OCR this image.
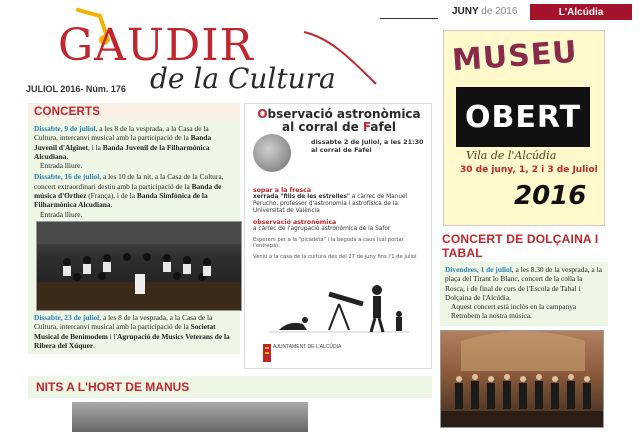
GAUDIR
de la Cultura
JULIOL 2016- Núm. 176
JUNY de 2016	L'Alcúdia
CONCERTS

Dissabte, 9 de juliol, a les 8 de la vesprada, a la Casa de la Cultura, intercanvi musical amb la participació de la Banda Juvenil d'Alginet, i la Banda Juvenil de la Filharmònica Alcudiana.
Entrada lliure.

Dissabte, 16 de juliol, a les 10 de la nit, a la Casa de la Cultura, concert extraordinari destiu amb la participació de la Banda de música d'Orthez (França), i de la Banda Simfònica de la Filharmònica Alcudiana.
Entrada lliure.

Dissabte, 23 de juliol, a les 8 de la vesprada, a la Casa de la Cultura, intercanvi musical amb la participació de la Societat Musical de Benimodem i l'Agrupació de Musics Veterans de la Ribera del Xúquer.

Observació astronòmica
al corral de Fafel
dissabte 2 de juliol, a les 21:30 al corral de Fafel
sopar a la fresca
xerrada "fills de les estrelles" a càrrec de Manuel Perucho, professor d'astronomia i astrofísica de la Universitat de València
observació astronòmica
a càrrec de l'agrupació astronòmica de la Safor
Esperem per a la "picadeta" i la beguda a caus (cal portar l'entrepà).
Veniu a la casa de la cultura des del 27 de juny fins l'1 de juliol
AJUNTAMENT DE L'ALCÚDIA
MUSEU
OBERT
Vila de l'Alcúdia
30 de juny, 1, 2 i 3 de Juliol
2016
CONCERT DE DOLÇAINA I TABAL

Divendres, 1 de juliol, a les 8.30 de la vesprada, a la plaça del Tirant lo Blanc, concert de la colla la Rosca, i de final de curs de l'Escola de Tabal i Dolçaina de l'Alcúdia.
Aquest concert està inclòs en la campanya Retrobem la nostra música.

NITS A L'HORT DE MANUS
